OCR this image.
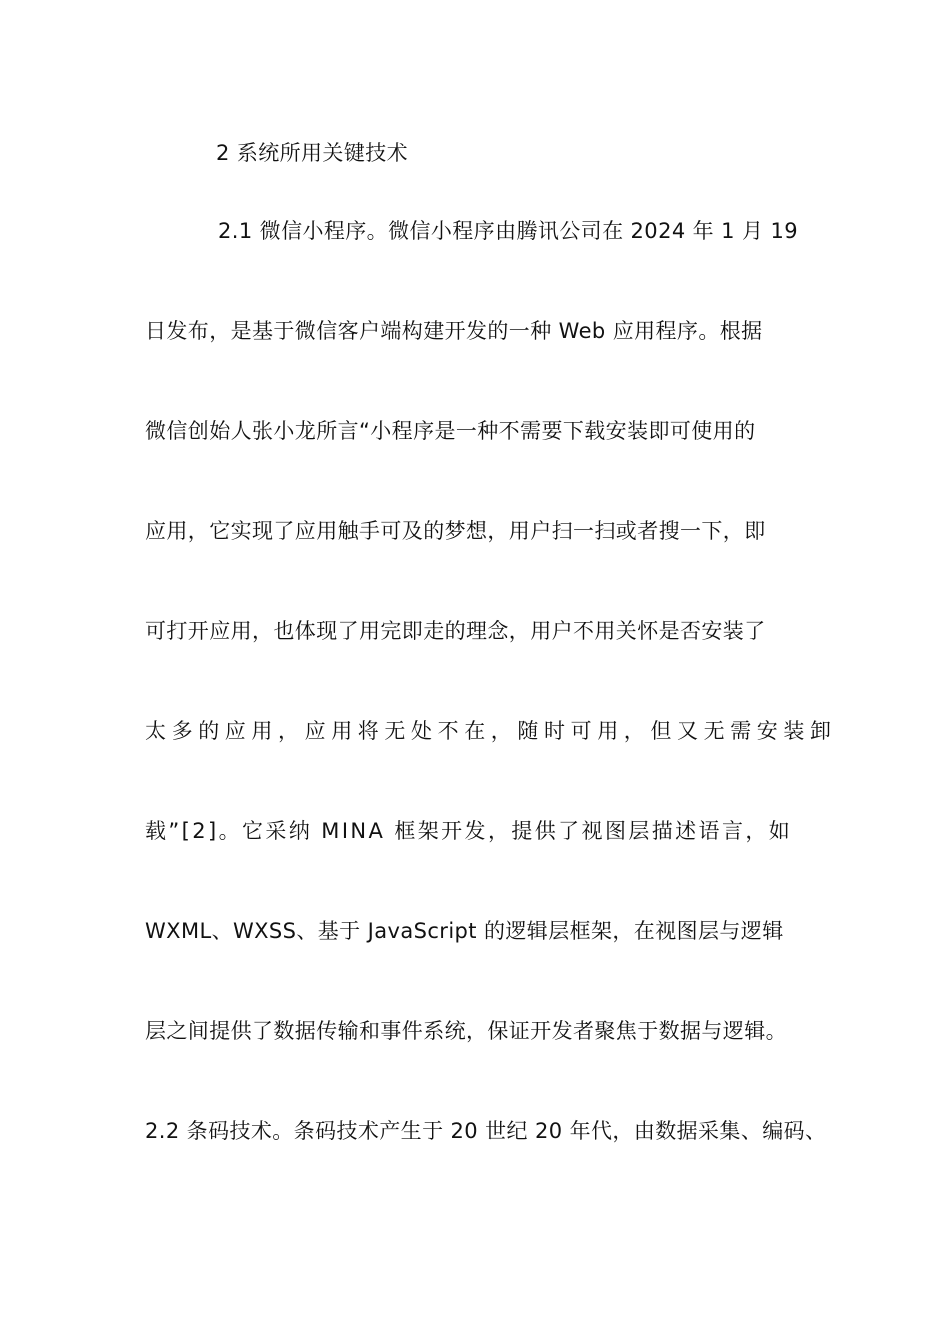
2 系统所用关键技术
2.1 微信小程序。微信小程序由腾讯公司在 2024 年 1 月 19
日发布，是基于微信客户端构建开发的一种 Web 应用程序。根据
微信创始人张小龙所言“小程序是一种不需要下载安装即可使用的
应用，它实现了应用触手可及的梦想，用户扫一扫或者搜一下，即
可打开应用，也体现了用完即走的理念，用户不用关怀是否安装了
太多的应用，应用将无处不在，随时可用，但又无需安装卸
载”[2]。它采纳 MINA 框架开发，提供了视图层描述语言，如
WXML、WXSS、基于 JavaScript 的逻辑层框架，在视图层与逻辑
层之间提供了数据传输和事件系统，保证开发者聚焦于数据与逻辑。
2.2 条码技术。条码技术产生于 20 世纪 20 年代，由数据采集、编码、
